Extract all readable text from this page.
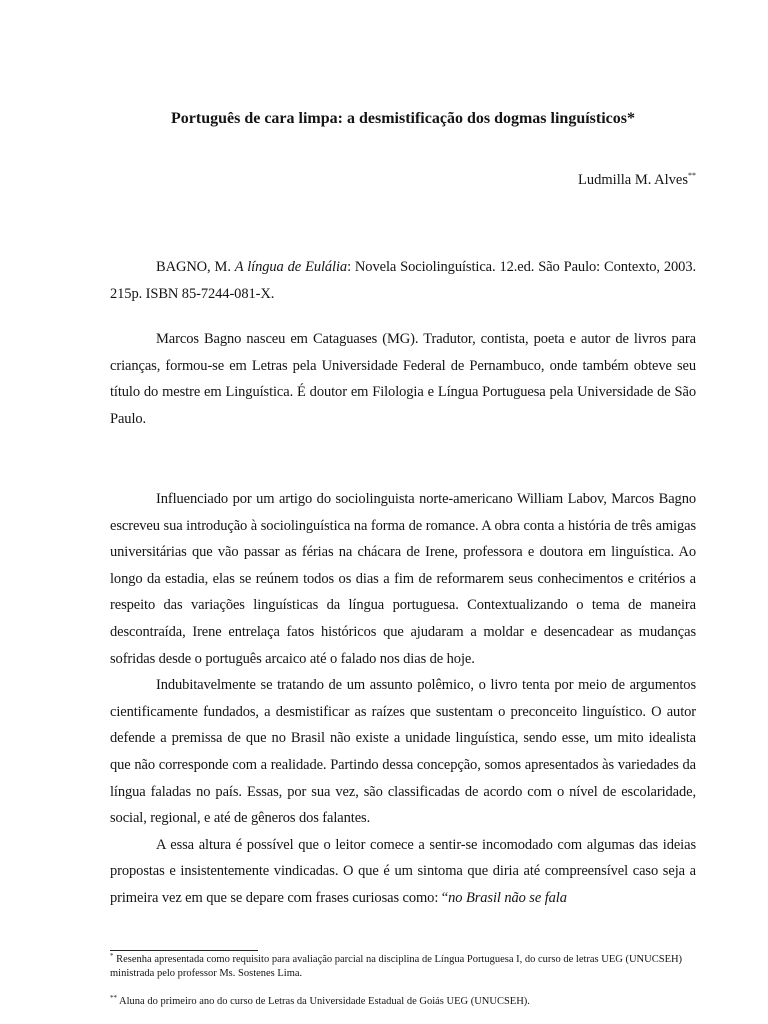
Português de cara limpa: a desmistificação dos dogmas linguísticos*
Ludmilla M. Alves**

BAGNO, M. A língua de Eulália: Novela Sociolinguística. 12.ed. São Paulo: Contexto, 2003. 215p. ISBN 85-7244-081-X.

Marcos Bagno nasceu em Cataguases (MG). Tradutor, contista, poeta e autor de livros para crianças, formou-se em Letras pela Universidade Federal de Pernambuco, onde também obteve seu título do mestre em Linguística. É doutor em Filologia e Língua Portuguesa pela Universidade de São Paulo.

Influenciado por um artigo do sociolinguista norte-americano William Labov, Marcos Bagno escreveu sua introdução à sociolinguística na forma de romance. A obra conta a história de três amigas universitárias que vão passar as férias na chácara de Irene, professora e doutora em linguística. Ao longo da estadia, elas se reúnem todos os dias a fim de reformarem seus conhecimentos e critérios a respeito das variações linguísticas da língua portuguesa. Contextualizando o tema de maneira descontraída, Irene entrelaça fatos históricos que ajudaram a moldar e desencadear as mudanças sofridas desde o português arcaico até o falado nos dias de hoje.

Indubitavelmente se tratando de um assunto polêmico, o livro tenta por meio de argumentos cientificamente fundados, a desmistificar as raízes que sustentam o preconceito linguístico. O autor defende a premissa de que no Brasil não existe a unidade linguística, sendo esse, um mito idealista que não corresponde com a realidade. Partindo dessa concepção, somos apresentados às variedades da língua faladas no país. Essas, por sua vez, são classificadas de acordo com o nível de escolaridade, social, regional, e até de gêneros dos falantes.

A essa altura é possível que o leitor comece a sentir-se incomodado com algumas das ideias propostas e insistentemente vindicadas. O que é um sintoma que diria até compreensível caso seja a primeira vez em que se depare com frases curiosas como: “no Brasil não se fala

* Resenha apresentada como requisito para avaliação parcial na disciplina de Língua Portuguesa I, do curso de letras UEG (UNUCSEH) ministrada pelo professor Ms. Sostenes Lima.

** Aluna do primeiro ano do curso de Letras da Universidade Estadual de Goiás UEG (UNUCSEH).
